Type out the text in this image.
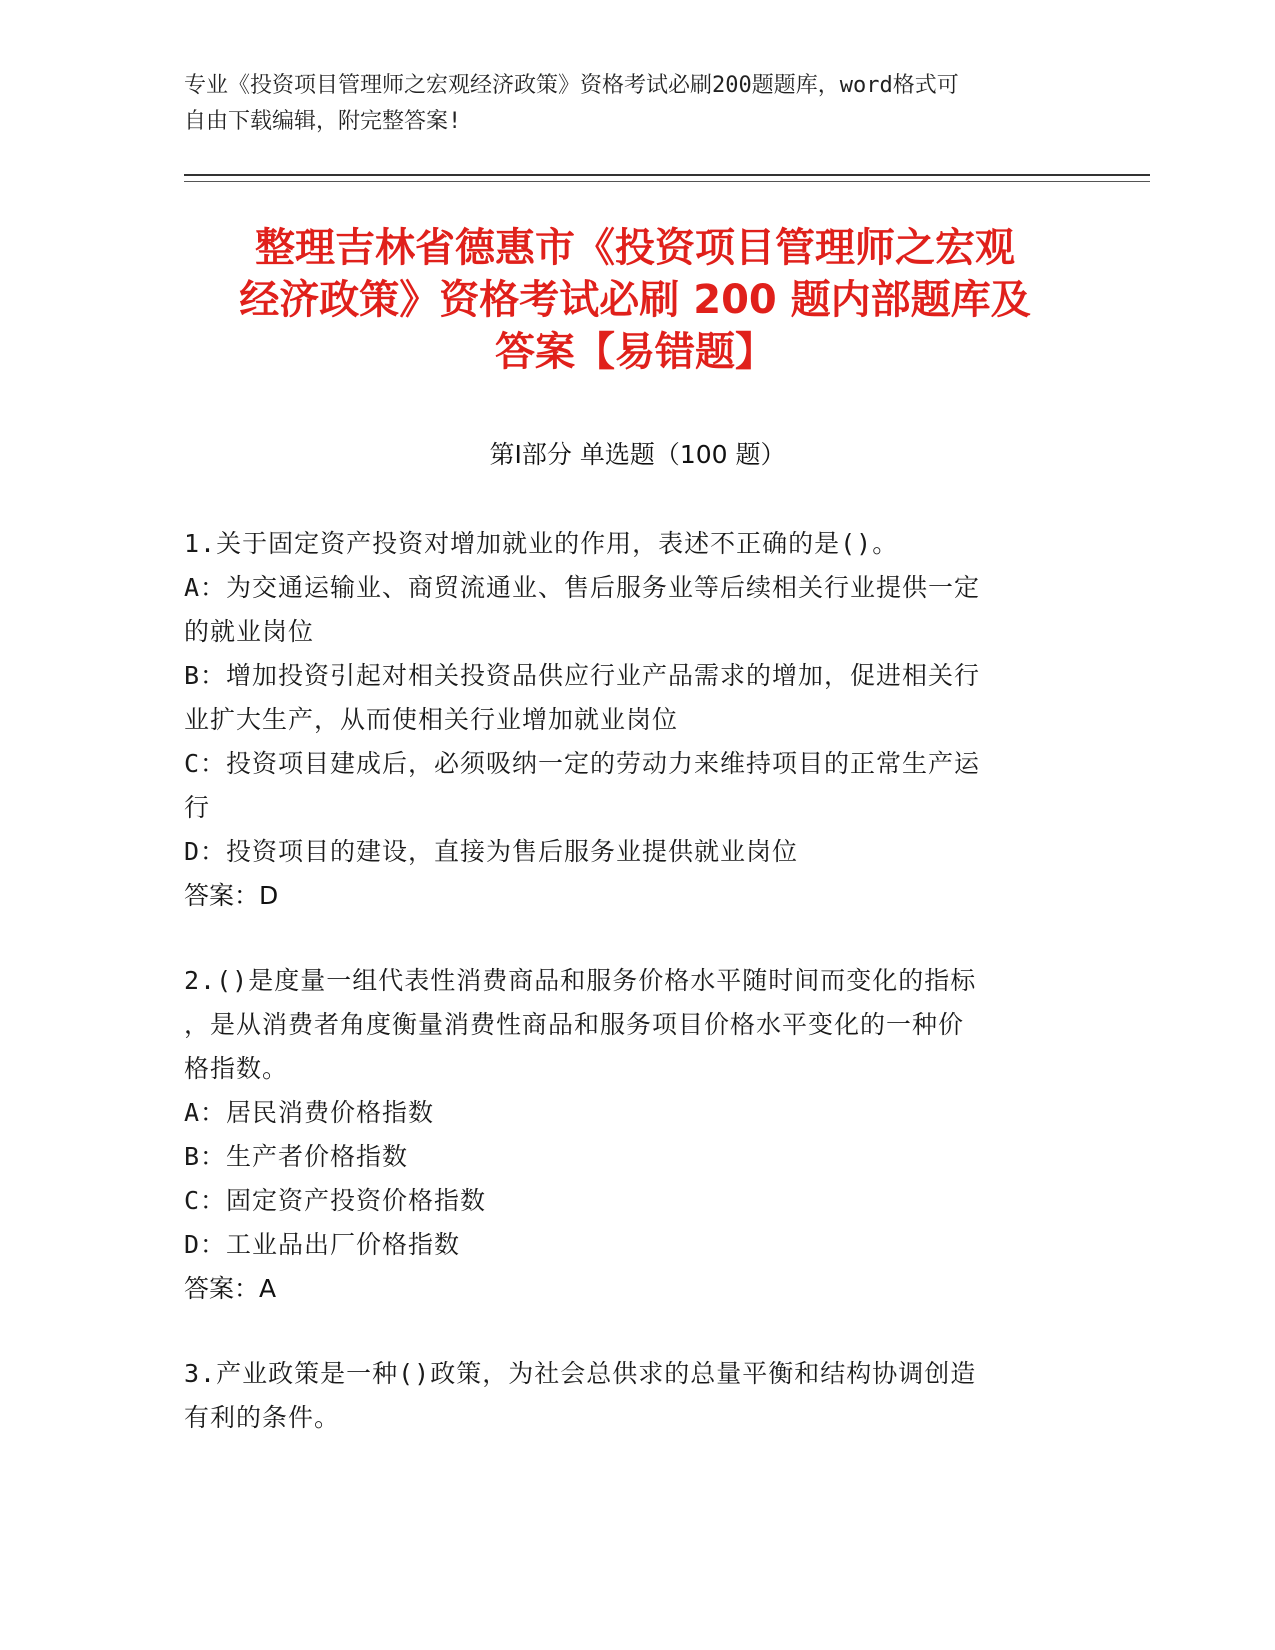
专业《投资项目管理师之宏观经济政策》资格考试必刷200题题库，word格式可
自由下载编辑，附完整答案!
整理吉林省德惠市《投资项目管理师之宏观
经济政策》资格考试必刷 200 题内部题库及
答案【易错题】
第Ⅰ部分 单选题（100 题）

1.关于固定资产投资对增加就业的作用，表述不正确的是()。

A：为交通运输业、商贸流通业、售后服务业等后续相关行业提供一定

的就业岗位

B：增加投资引起对相关投资品供应行业产品需求的增加，促进相关行

业扩大生产，从而使相关行业增加就业岗位

C：投资项目建成后，必须吸纳一定的劳动力来维持项目的正常生产运

行

D：投资项目的建设，直接为售后服务业提供就业岗位

答案：D

2.()是度量一组代表性消费商品和服务价格水平随时间而变化的指标

，是从消费者角度衡量消费性商品和服务项目价格水平变化的一种价

格指数。

A：居民消费价格指数

B：生产者价格指数

C：固定资产投资价格指数

D：工业品出厂价格指数

答案：A

3.产业政策是一种()政策，为社会总供求的总量平衡和结构协调创造

有利的条件。
